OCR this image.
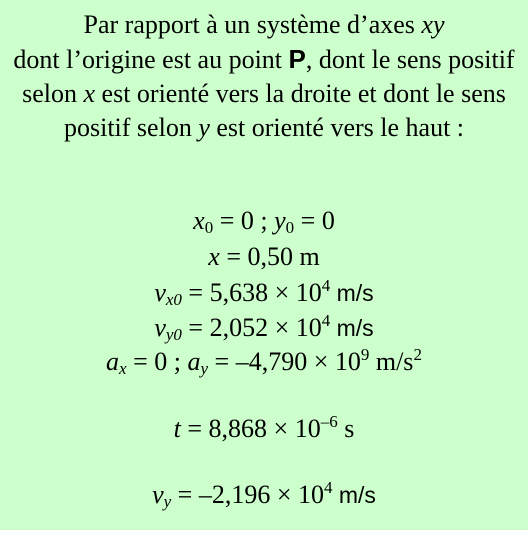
Par rapport à un système d’axes xy
dont l’origine est au point P, dont le sens positif selon x est orienté vers la droite et dont le sens positif selon y est orienté vers le haut :
$x_0 = 0$ ; $y_0 = 0$
x = 0,50 m
$v_{x0} = 5,638 \times 10^4$ m/s
$v_{y0} = 2,052 \times 10^4$ m/s
$a_x = 0$ ; $a_y = -4,790 \times 10^9$ $m/s^2$
$t = 8,868 \times 10^{-6}$ s
$v_y = -2,196 \times 10^4$ m/s
